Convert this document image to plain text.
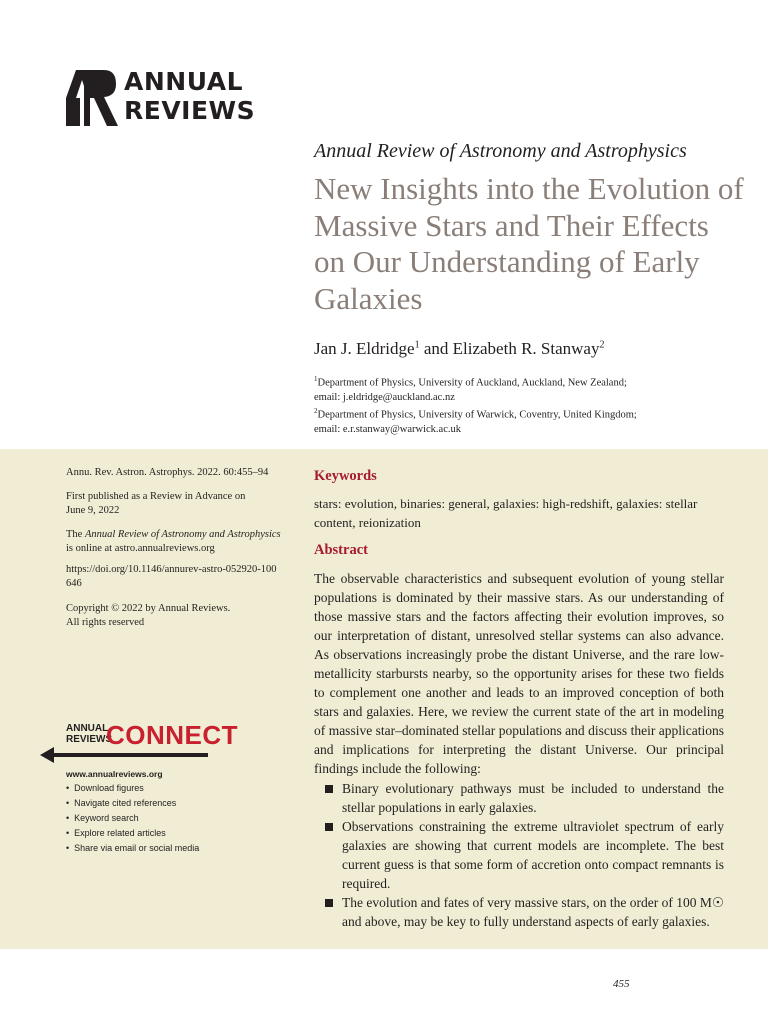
ANNUAL
REVIEWS
Annual Review of Astronomy and Astrophysics
New Insights into the Evolution of Massive Stars and Their Effects on Our Understanding of Early Galaxies
Jan J. Eldridge$^1$ and Elizabeth R. Stanway$^2$
$^1$Department of Physics, University of Auckland, Auckland, New Zealand;
email: j.eldridge@auckland.ac.nz
$^2$Department of Physics, University of Warwick, Coventry, United Kingdom;
email: e.r.stanway@warwick.ac.uk
Annu. Rev. Astron. Astrophys. 2022. 60:455–94
First published as a Review in Advance on June 9, 2022
The Annual Review of Astronomy and Astrophysics is online at astro.annualreviews.org
https://doi.org/10.1146/annurev-astro-052920-100646
Copyright © 2022 by Annual Reviews.
All rights reserved
ANNUAL
REVIEWS
CONNECT
www.annualreviews.org
• Download figures
• Navigate cited references
• Keyword search
• Explore related articles
• Share via email or social media
Keywords
stars: evolution, binaries: general, galaxies: high-redshift, galaxies: stellar content, reionization
Abstract
The observable characteristics and subsequent evolution of young stellar populations is dominated by their massive stars. As our understanding of those massive stars and the factors affecting their evolution improves, so our interpretation of distant, unresolved stellar systems can also advance. As observations increasingly probe the distant Universe, and the rare low-metallicity starbursts nearby, so the opportunity arises for these two fields to complement one another and leads to an improved conception of both stars and galaxies. Here, we review the current state of the art in modeling of massive star–dominated stellar populations and discuss their applications and implications for interpreting the distant Universe. Our principal findings include the following:
Binary evolutionary pathways must be included to understand the stellar populations in early galaxies.
Observations constraining the extreme ultraviolet spectrum of early galaxies are showing that current models are incomplete. The best current guess is that some form of accretion onto compact remnants is required.
The evolution and fates of very massive stars, on the order of 100 M☉ and above, may be key to fully understand aspects of early galaxies.
455
